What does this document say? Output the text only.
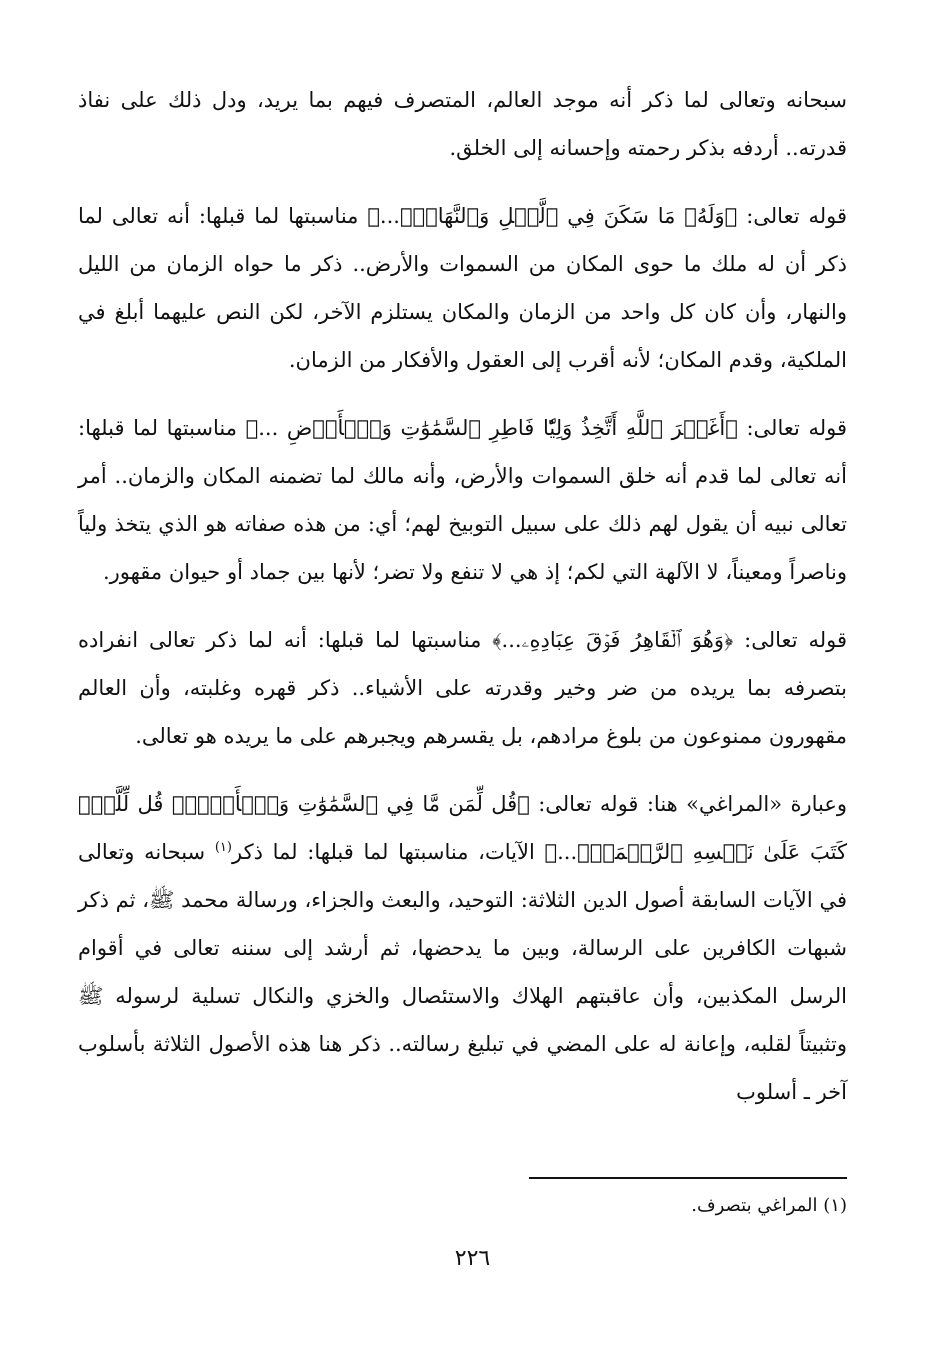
سبحانه وتعالى لما ذكر أنه موجد العالم، المتصرف فيهم بما يريد، ودل ذلك على نفاذ قدرته.. أردفه بذكر رحمته وإحسانه إلى الخلق.

قوله تعالى: ﴿وَلَهُۥ مَا سَكَنَ فِي ٱلَّيۡلِ وَٱلنَّهَارِۚ...﴾ مناسبتها لما قبلها: أنه تعالى لما ذكر أن له ملك ما حوى المكان من السموات والأرض.. ذكر ما حواه الزمان من الليل والنهار، وأن كان كل واحد من الزمان والمكان يستلزم الآخر، لكن النص عليهما أبلغ في الملكية، وقدم المكان؛ لأنه أقرب إلى العقول والأفكار من الزمان.

قوله تعالى: ﴿أَغَيۡرَ ٱللَّهِ أَتَّخِذُ وَلِيّٗا فَاطِرِ ٱلسَّمَٰوَٰتِ وَٱلۡأَرۡضِ ...﴾ مناسبتها لما قبلها: أنه تعالى لما قدم أنه خلق السموات والأرض، وأنه مالك لما تضمنه المكان والزمان.. أمر تعالى نبيه أن يقول لهم ذلك على سبيل التوبيخ لهم؛ أي: من هذه صفاته هو الذي يتخذ ولياً وناصراً ومعيناً، لا الآلهة التي لكم؛ إذ هي لا تنفع ولا تضر؛ لأنها بين جماد أو حيوان مقهور.

قوله تعالى: ﴿وَهُوَ ٱلۡقَاهِرُ فَوۡقَ عِبَادِهِۦ...﴾ مناسبتها لما قبلها: أنه لما ذكر تعالى انفراده بتصرفه بما يريده من ضر وخير وقدرته على الأشياء.. ذكر قهره وغلبته، وأن العالم مقهورون ممنوعون من بلوغ مرادهم، بل يقسرهم ويجبرهم على ما يريده هو تعالى.

وعبارة «المراغي» هنا: قوله تعالى: ﴿قُل لِّمَن مَّا فِي ٱلسَّمَٰوَٰتِ وَٱلۡأَرۡضِۖ قُل لِّلَّهِۚ كَتَبَ عَلَىٰ نَفۡسِهِ ٱلرَّحۡمَةَۚ...﴾ الآيات، مناسبتها لما قبلها: لما ذكر$^{(١)}$ سبحانه وتعالى في الآيات السابقة أصول الدين الثلاثة: التوحيد، والبعث والجزاء، ورسالة محمد ﷺ، ثم ذكر شبهات الكافرين على الرسالة، وبين ما يدحضها، ثم أرشد إلى سننه تعالى في أقوام الرسل المكذبين، وأن عاقبتهم الهلاك والاستئصال والخزي والنكال تسلية لرسوله ﷺ وتثبيتاً لقلبه، وإعانة له على المضي في تبليغ رسالته.. ذكر هنا هذه الأصول الثلاثة بأسلوب آخر ـ أسلوب

(١) المراغي بتصرف.
٢٢٦
